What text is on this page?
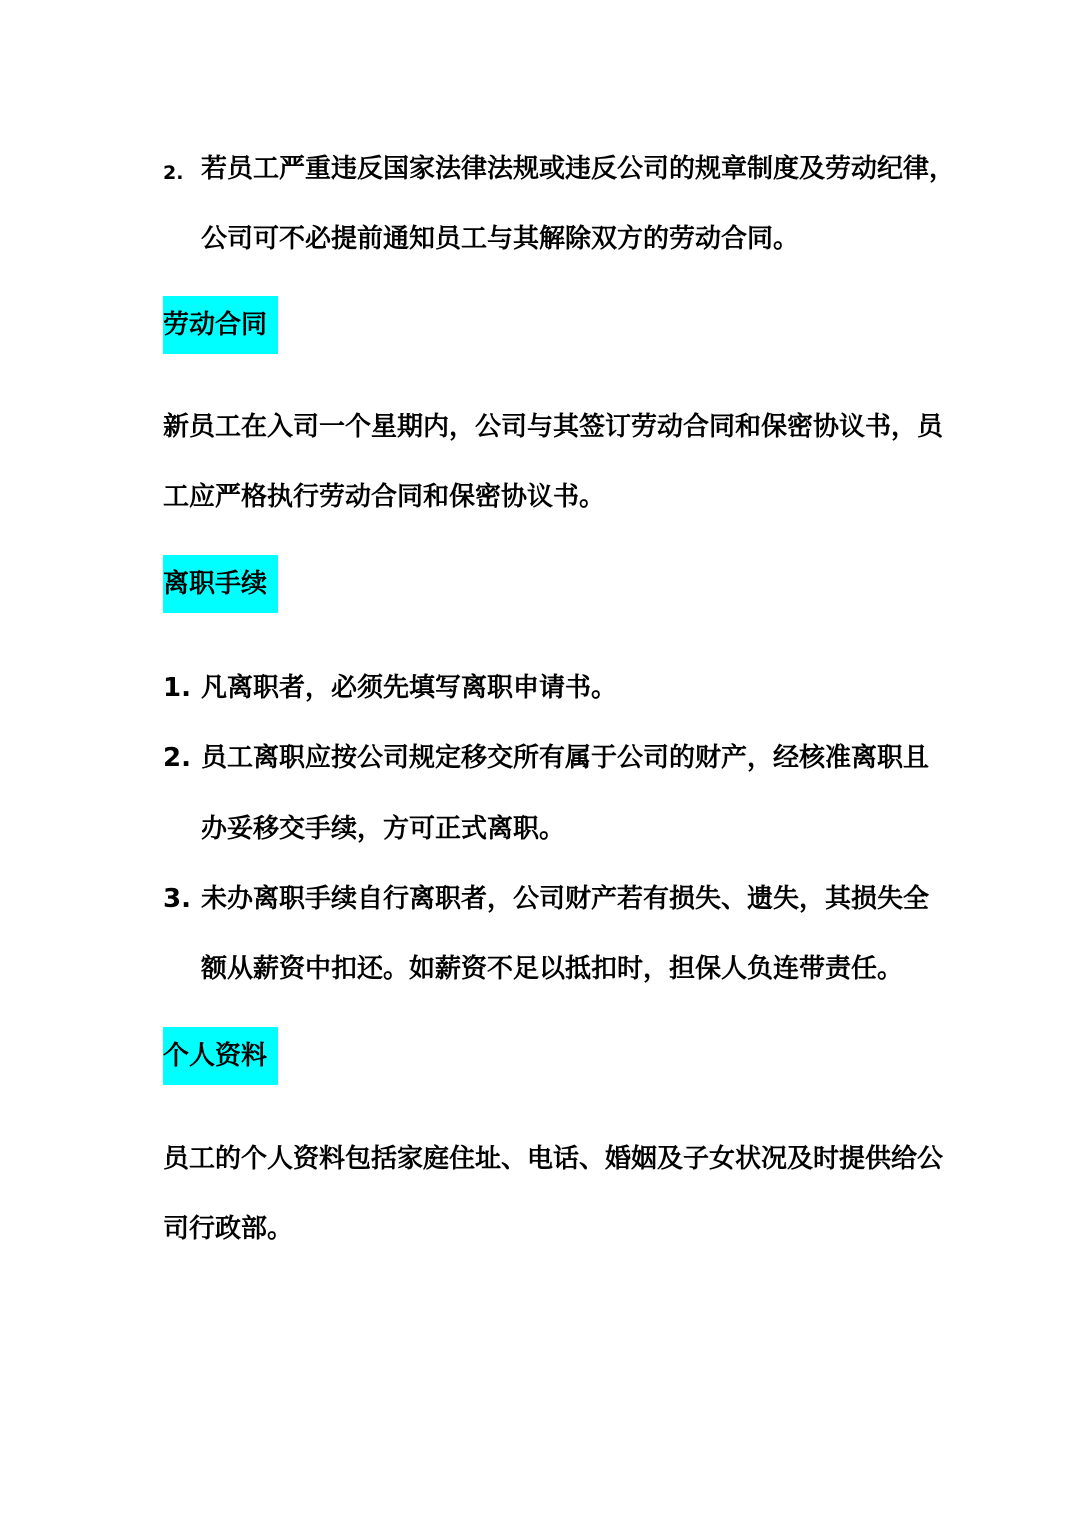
2. 若员工严重违反国家法律法规或违反公司的规章制度及劳动纪律，
公司可不必提前通知员工与其解除双方的劳动合同。
劳动合同
新员工在入司一个星期内，公司与其签订劳动合同和保密协议书，员
工应严格执行劳动合同和保密协议书。
离职手续
1. 凡离职者，必须先填写离职申请书。
2. 员工离职应按公司规定移交所有属于公司的财产，经核准离职且
办妥移交手续，方可正式离职。
3. 未办离职手续自行离职者，公司财产若有损失、遗失，其损失全
额从薪资中扣还。如薪资不足以抵扣时，担保人负连带责任。
个人资料
员工的个人资料包括家庭住址、电话、婚姻及子女状况及时提供给公
司行政部。
